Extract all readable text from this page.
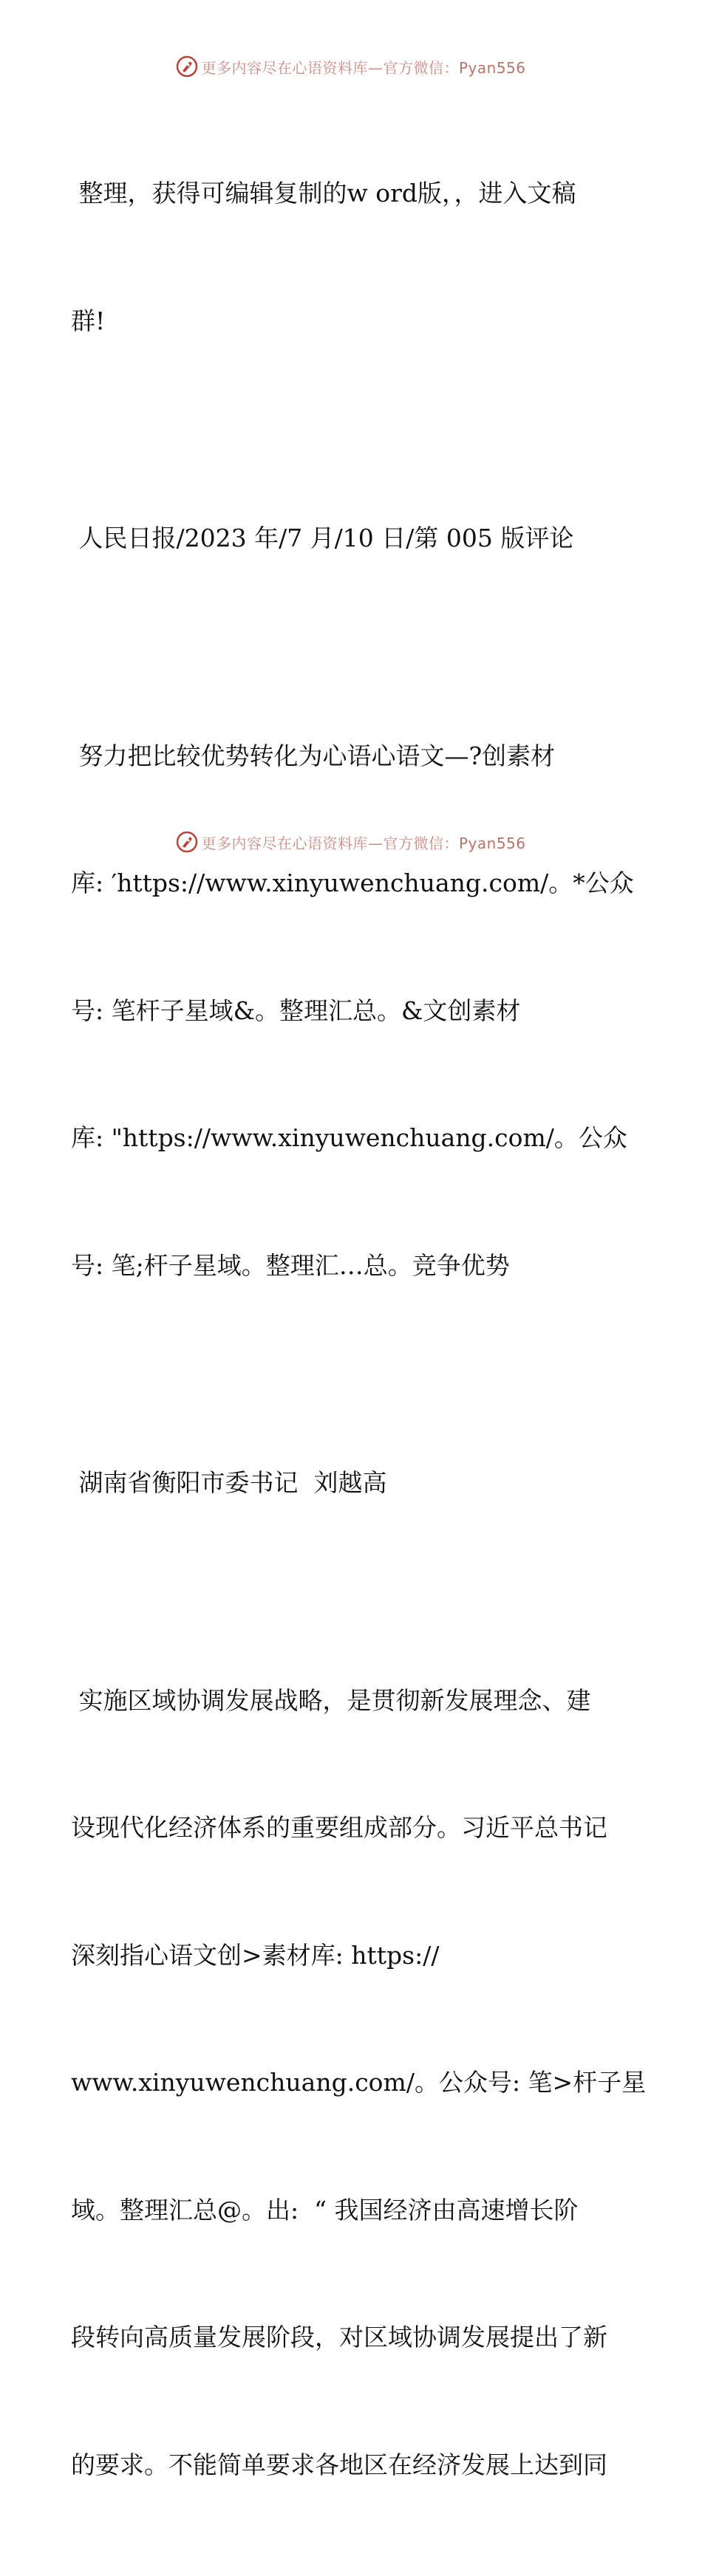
更多内容尽在心语资料库—官方微信：Pyan556

整理，获得可编辑复制的w ord版，，进入文稿

群!

人民日报/2023 年/7 月/10 日/第 005 版评论

努力把比较优势转化为心语心语文—?创素材

库: ′https://www.xinyuwenchuang.com/。*公众

号: 笔杆子星域&。整理汇总。&文创素材

库: "https://www.xinyuwenchuang.com/。公众

号: 笔;杆子星域。整理汇…总。竞争优势

湖南省衡阳市委书记  刘越高

实施区域协调发展战略，是贯彻新发展理念、建

设现代化经济体系的重要组成部分。习近平总书记

深刻指心语文创>素材库: https://

www.xinyuwenchuang.com/。公众号: 笔>杆子星

域。整理汇总@。出:  “ 我国经济由高速增长阶

段转向高质量发展阶段，对区域协调发展提出了新

的要求。不能简单要求各地区在经济发展上达到同

更多内容尽在心语资料库—官方微信：Pyan556
